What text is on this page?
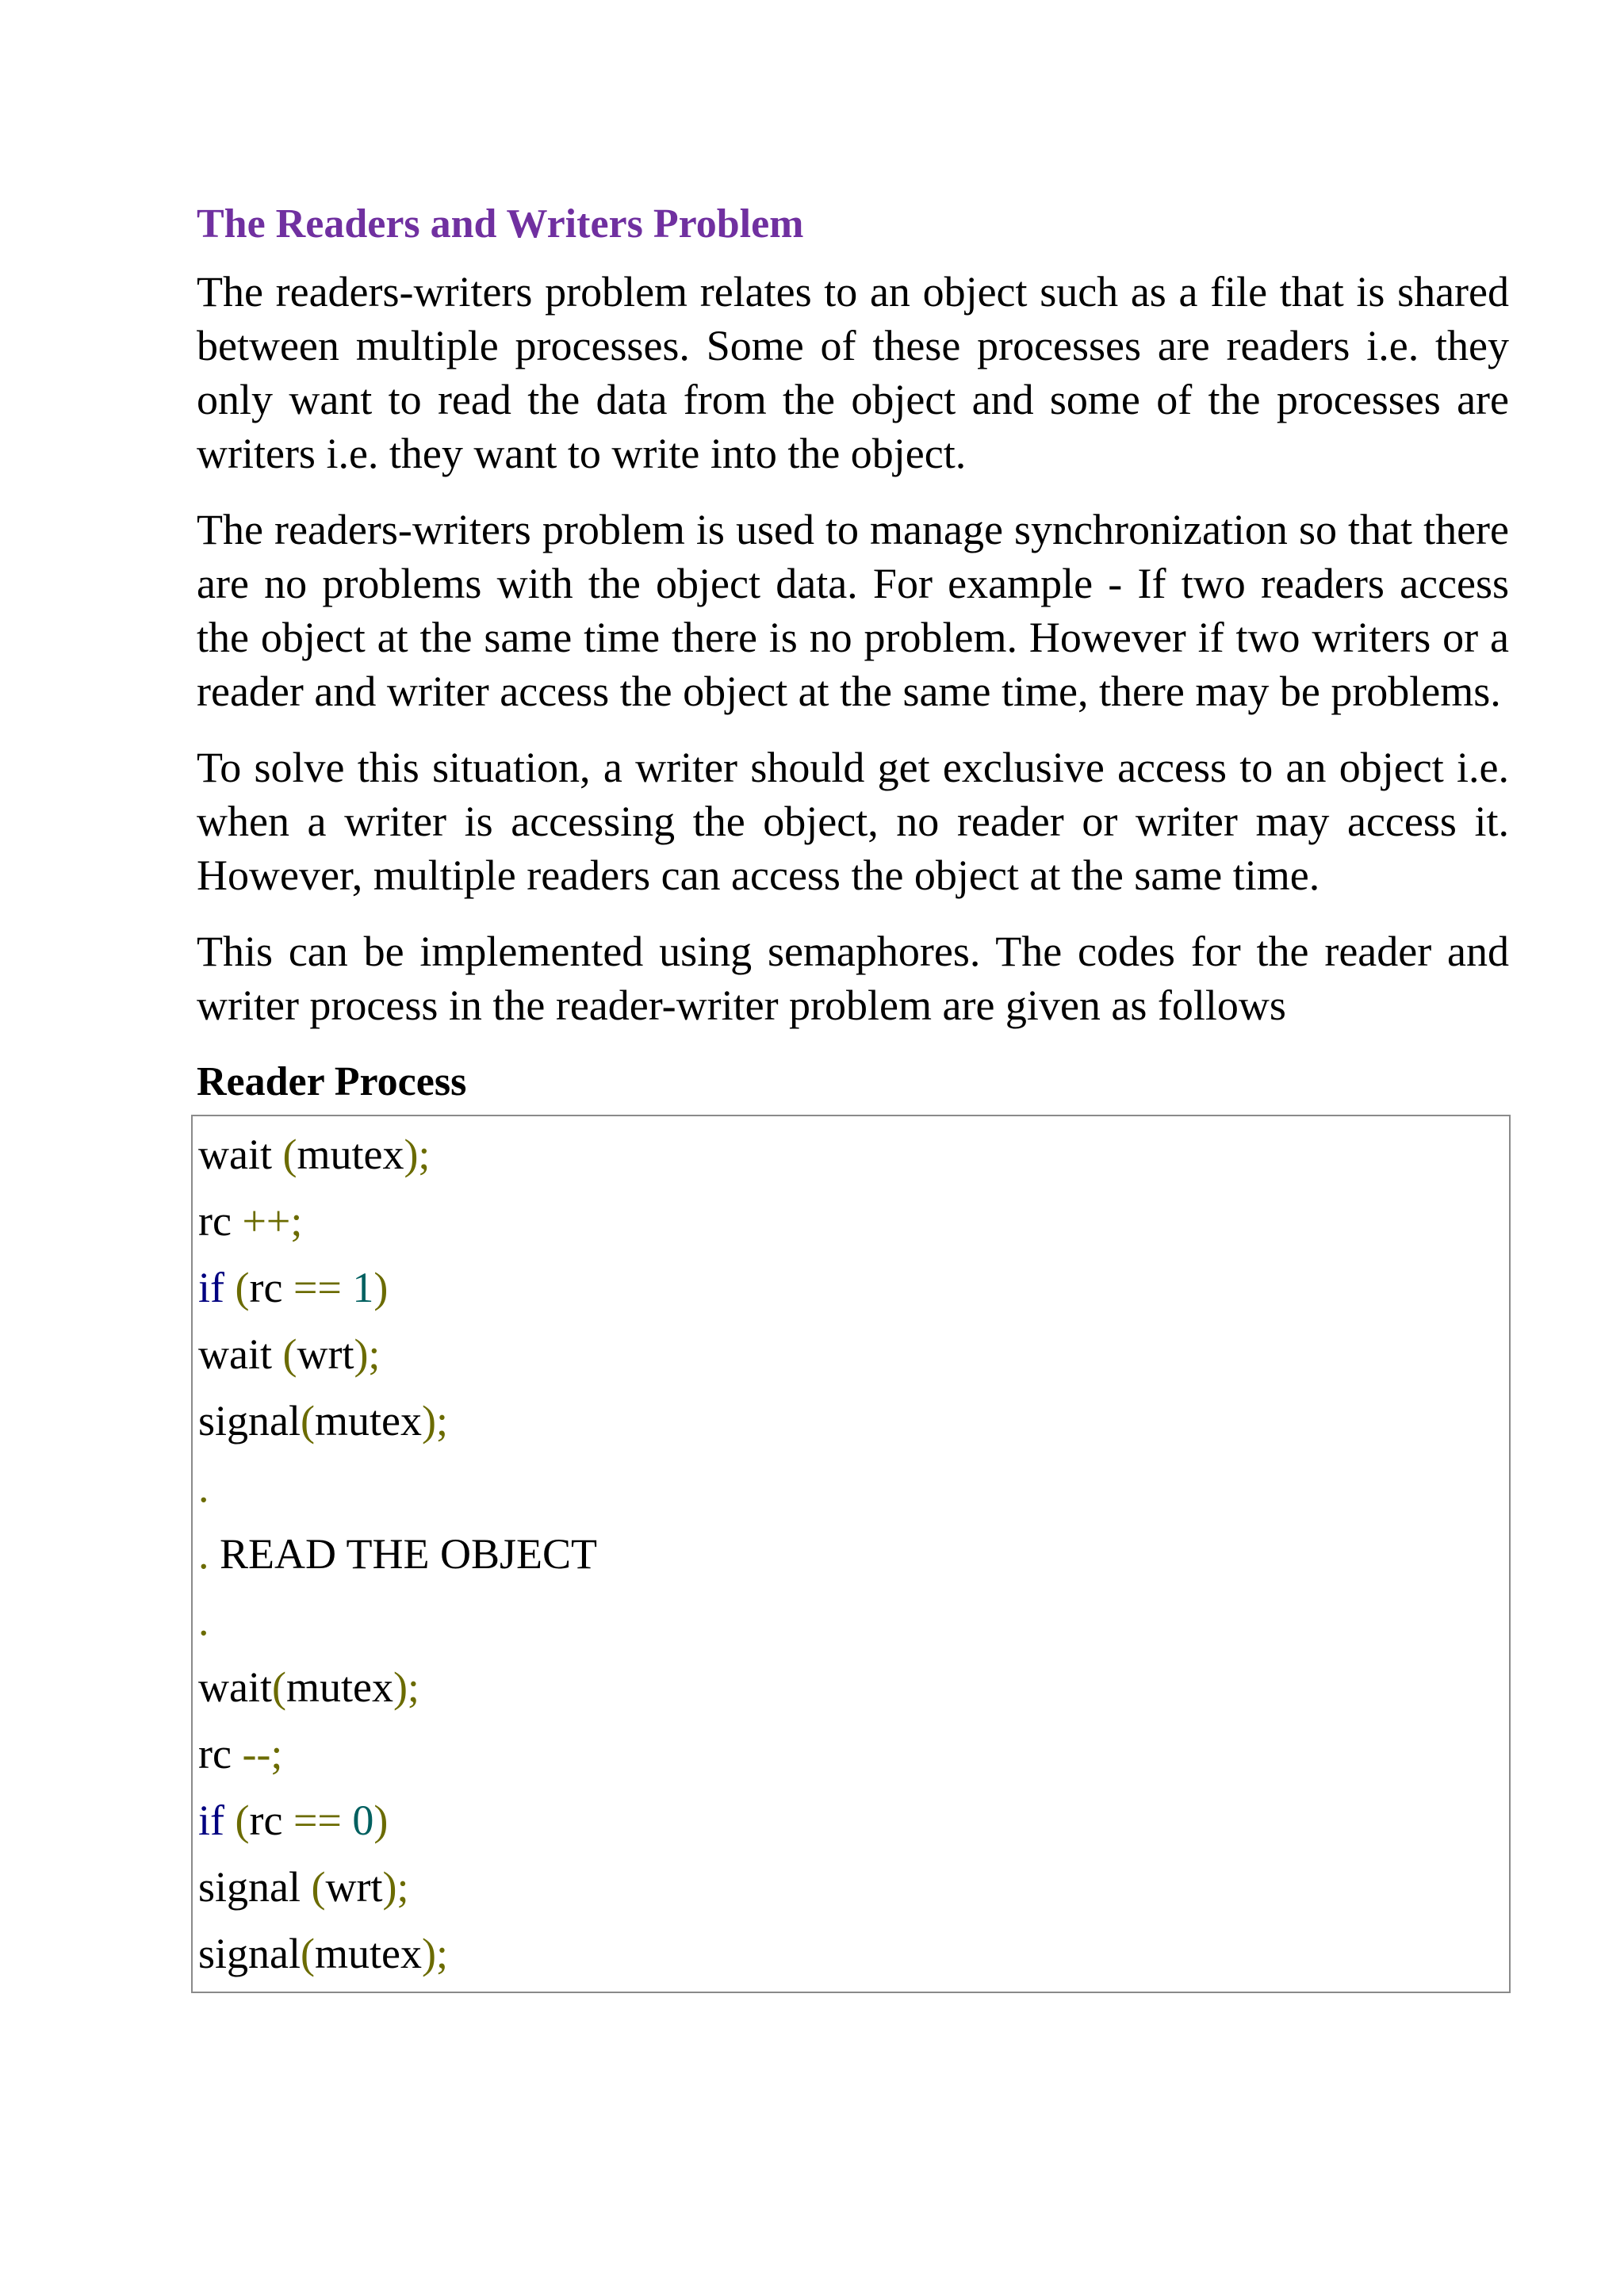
The Readers and Writers Problem

The readers-writers problem relates to an object such as a file that is shared between multiple processes. Some of these processes are readers i.e. they only want to read the data from the object and some of the processes are writers i.e. they want to write into the object.

The readers-writers problem is used to manage synchronization so that there are no problems with the object data. For example - If two readers access the object at the same time there is no problem. However if two writers or a reader and writer access the object at the same time, there may be problems.

To solve this situation, a writer should get exclusive access to an object i.e. when a writer is accessing the object, no reader or writer may access it. However, multiple readers can access the object at the same time.

This can be implemented using semaphores. The codes for the reader and writer process in the reader-writer problem are given as follows

Reader Process
wait (mutex);
rc ++;
if (rc == 1)
wait (wrt);
signal(mutex);
.
. READ THE OBJECT
.
wait(mutex);
rc --;
if (rc == 0)
signal (wrt);
signal(mutex);
